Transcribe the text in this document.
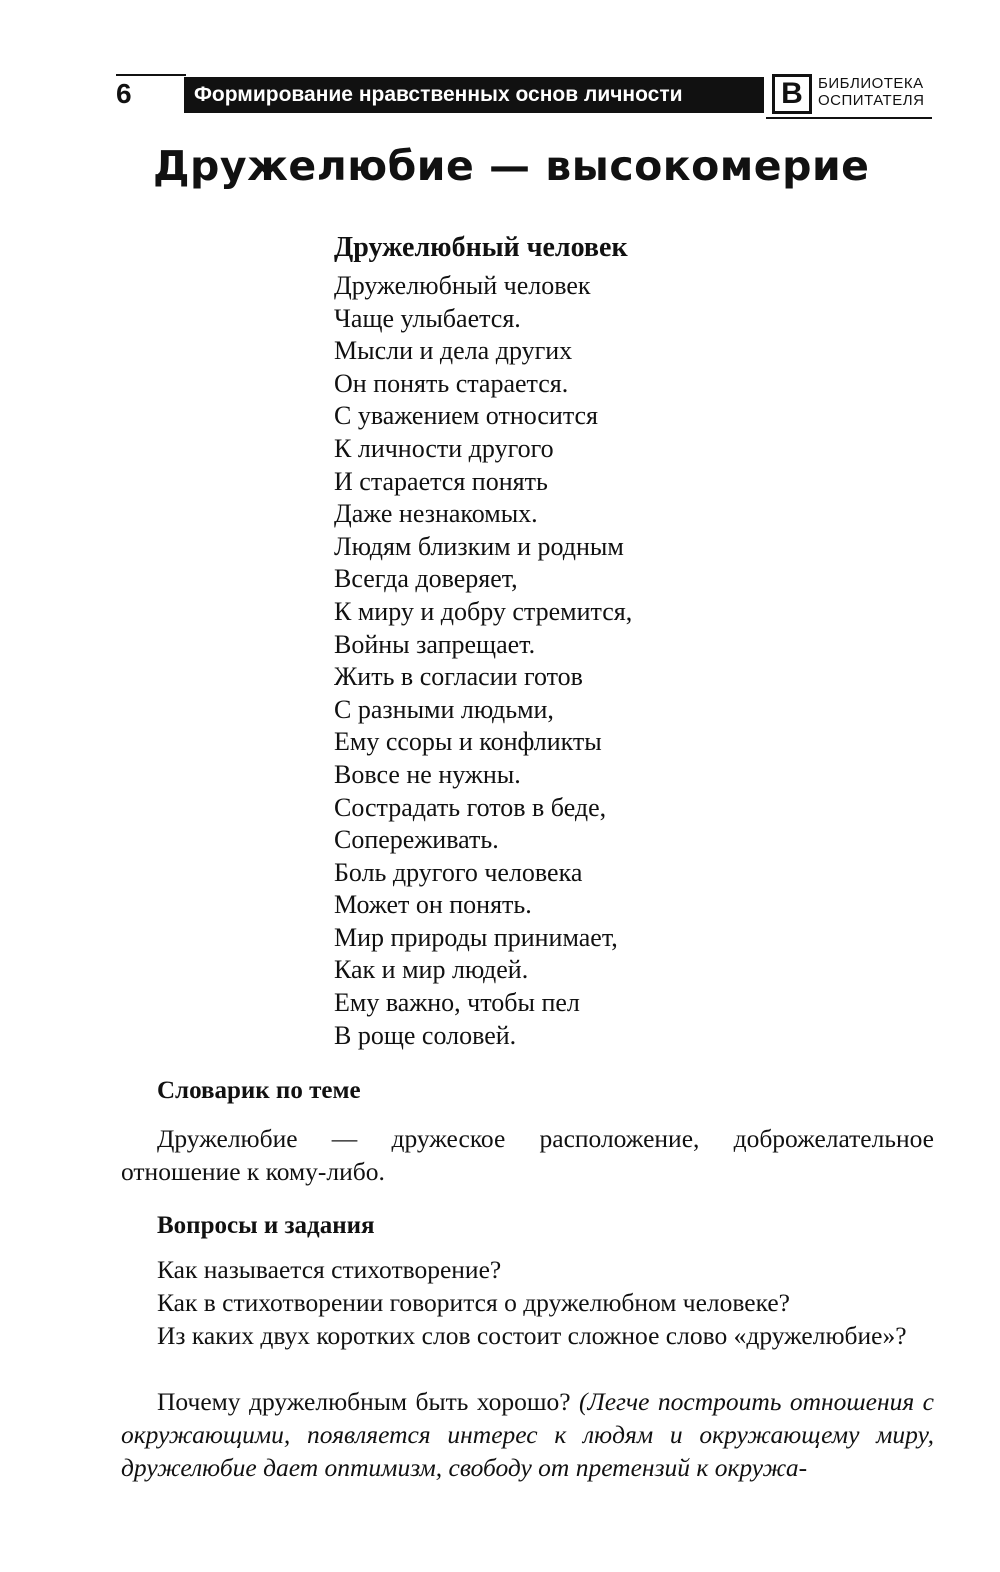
6	Формирование нравственных основ личности	В	БИБЛИОТЕКА
ОСПИТАТЕЛЯ
Дружелюбие — высокомерие
Дружелюбный человек
Дружелюбный человек
Чаще улыбается.
Мысли и дела других
Он понять старается.
С уважением относится
К личности другого
И старается понять
Даже незнакомых.
Людям близким и родным
Всегда доверяет,
К миру и добру стремится,
Войны запрещает.
Жить в согласии готов
С разными людьми,
Ему ссоры и конфликты
Вовсе не нужны.
Сострадать готов в беде,
Сопереживать.
Боль другого человека
Может он понять.
Мир природы принимает,
Как и мир людей.
Ему важно, чтобы пел
В роще соловей.
Словарик по теме

Дружелюбие — дружеское расположение, доброжелательное отношение к кому-либо.

Вопросы и задания

Как называется стихотворение?

Как в стихотворении говорится о дружелюбном человеке?

Из каких двух коротких слов состоит сложное слово «дружелюбие»?

Почему дружелюбным быть хорошо? (Легче построить отношения с окружающими, появляется интерес к людям и окружающему миру, дружелюбие дает оптимизм, свободу от претензий к окружа-
